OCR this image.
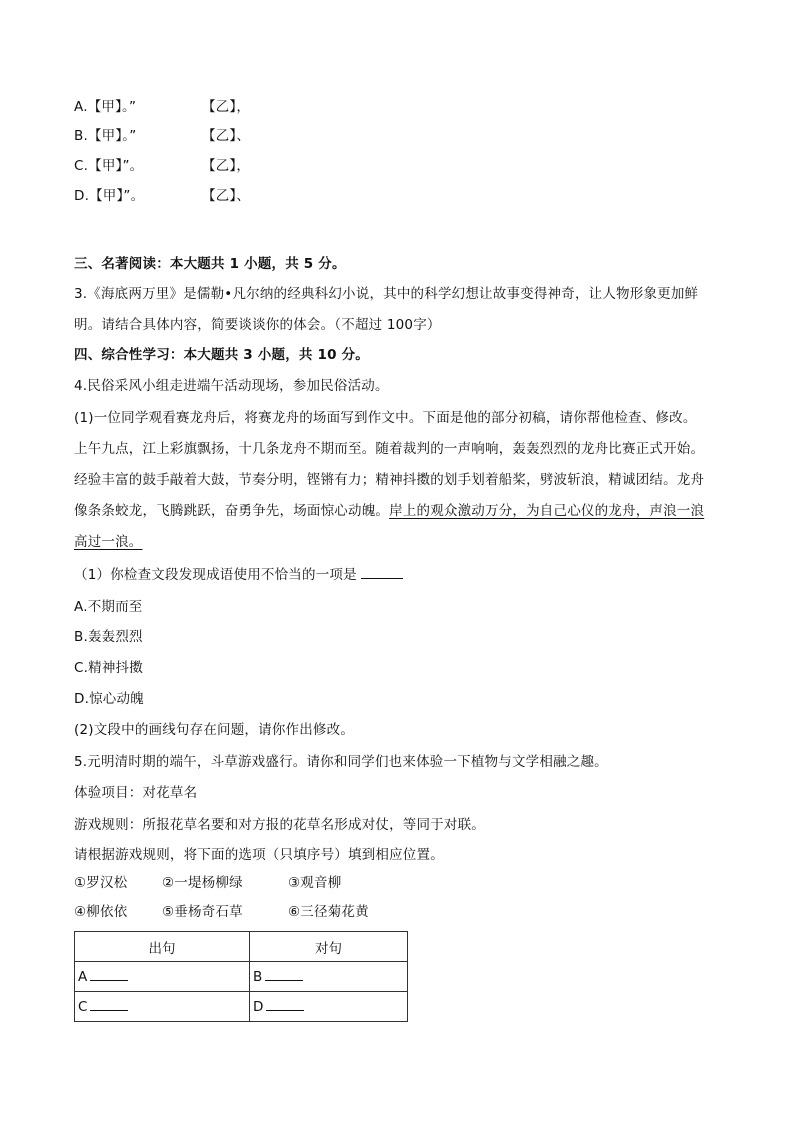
A.【甲】。”	【乙】，
B.【甲】。”	【乙】、
C.【甲】”。	【乙】，
D.【甲】”。	【乙】、
三、名著阅读：本大题共 1 小题，共 5 分。
3.《海底两万里》是儒勒•凡尔纳的经典科幻小说，其中的科学幻想让故事变得神奇，让人物形象更加鲜
明。请结合具体内容，简要谈谈你的体会。（不超过 100字）
四、综合性学习：本大题共 3 小题，共 10 分。
4.民俗采风小组走进端午活动现场，参加民俗活动。
(1)一位同学观看赛龙舟后，将赛龙舟的场面写到作文中。下面是他的部分初稿，请你帮他检查、修改。
上午九点，江上彩旗飘扬，十几条龙舟不期而至。随着裁判的一声响响，轰轰烈烈的龙舟比赛正式开始。
经验丰富的鼓手敲着大鼓，节奏分明，铿锵有力；精神抖擞的划手划着船桨，劈波斩浪，精诚团结。龙舟
像条条蛟龙，飞腾跳跃，奋勇争先，场面惊心动魄。岸上的观众激动万分，为自己心仪的龙舟，声浪一浪
高过一浪。
（1）你检查文段发现成语使用不恰当的一项是
A.不期而至
B.轰轰烈烈
C.精神抖擞
D.惊心动魄
(2)文段中的画线句存在问题，请你作出修改。
5.元明清时期的端午，斗草游戏盛行。请你和同学们也来体验一下植物与文学相融之趣。
体验项目：对花草名
游戏规则：所报花草名要和对方报的花草名形成对仗，等同于对联。
请根据游戏规则，将下面的选项（只填序号）填到相应位置。
①罗汉松	②一堤杨柳绿	③观音柳
④柳依依	⑤垂杨奇石草	⑥三径菊花黄
出句	对句
A	B
C	D
